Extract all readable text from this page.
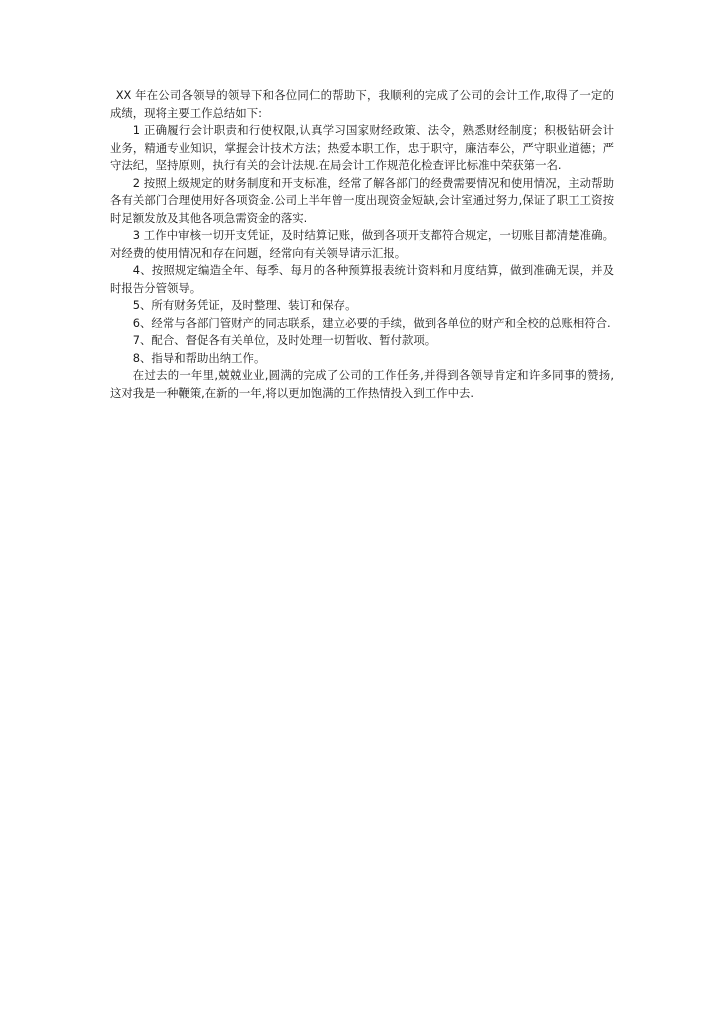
XX 年在公司各领导的领导下和各位同仁的帮助下，我顺利的完成了公司的会计工作,取得了一定的成绩，现将主要工作总结如下:

1 正确履行会计职责和行使权限,认真学习国家财经政策、法令，熟悉财经制度；积极钻研会计业务，精通专业知识，掌握会计技术方法；热爱本职工作，忠于职守，廉洁奉公，严守职业道德；严守法纪，坚持原则，执行有关的会计法规.在局会计工作规范化检查评比标准中荣获第一名.

2 按照上级规定的财务制度和开支标准，经常了解各部门的经费需要情况和使用情况，主动帮助各有关部门合理使用好各项资金.公司上半年曾一度出现资金短缺,会计室通过努力,保证了职工工资按时足额发放及其他各项急需资金的落实.

3 工作中审核一切开支凭证，及时结算记账，做到各项开支都符合规定，一切账目都清楚准确。对经费的使用情况和存在问题，经常向有关领导请示汇报。

4、按照规定编造全年、每季、每月的各种预算报表统计资料和月度结算，做到准确无误，并及时报告分管领导。

5、所有财务凭证，及时整理、装订和保存。

6、经常与各部门管财产的同志联系，建立必要的手续，做到各单位的财产和全校的总账相符合.

7、配合、督促各有关单位，及时处理一切暂收、暂付款项。

8、指导和帮助出纳工作。

在过去的一年里,兢兢业业,圆满的完成了公司的工作任务,并得到各领导肯定和许多同事的赞扬,这对我是一种鞭策,在新的一年,将以更加饱满的工作热情投入到工作中去.
